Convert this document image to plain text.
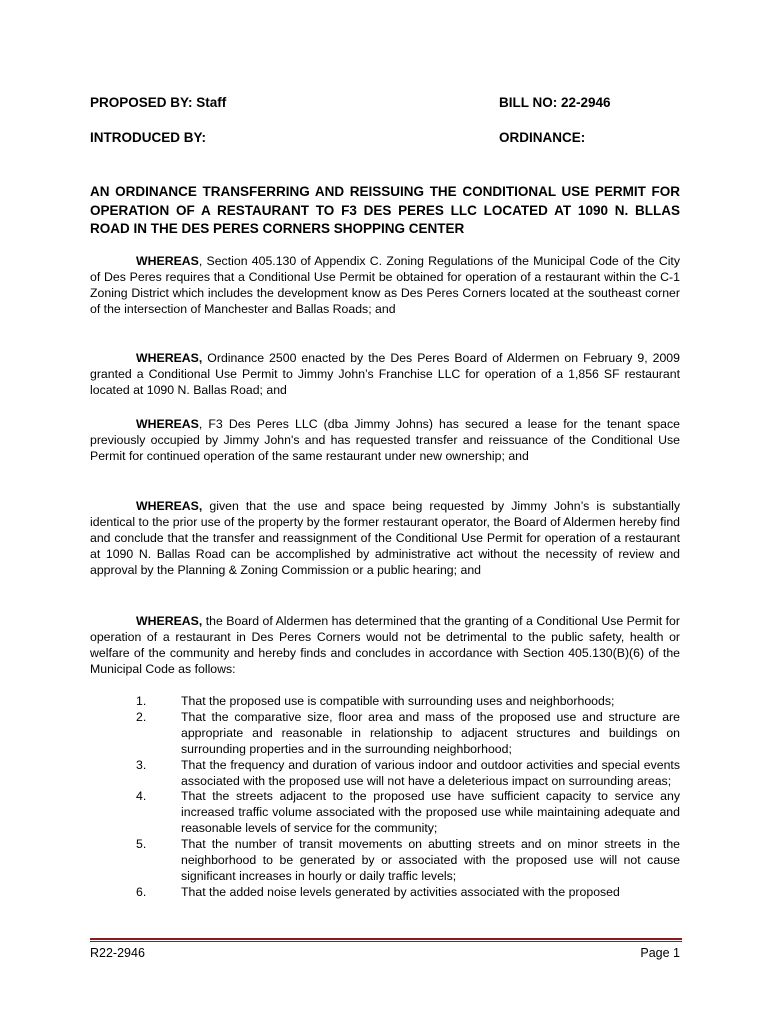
PROPOSED BY: Staff	BILL NO: 22-2946
INTRODUCED BY:	ORDINANCE:
AN ORDINANCE TRANSFERRING AND REISSUING THE CONDITIONAL USE PERMIT FOR OPERATION OF A RESTAURANT TO F3 DES PERES LLC LOCATED AT 1090 N. BLLAS ROAD IN THE DES PERES CORNERS SHOPPING CENTER
WHEREAS, Section 405.130 of Appendix C. Zoning Regulations of the Municipal Code of the City of Des Peres requires that a Conditional Use Permit be obtained for operation of a restaurant within the C-1 Zoning District which includes the development know as Des Peres Corners located at the southeast corner of the intersection of Manchester and Ballas Roads; and
WHEREAS, Ordinance 2500 enacted by the Des Peres Board of Aldermen on February 9, 2009 granted a Conditional Use Permit to Jimmy John’s Franchise LLC for operation of a 1,856 SF restaurant located at 1090 N. Ballas Road; and
WHEREAS, F3 Des Peres LLC (dba Jimmy Johns) has secured a lease for the tenant space previously occupied by Jimmy John's and has requested transfer and reissuance of the Conditional Use Permit for continued operation of the same restaurant under new ownership; and
WHEREAS, given that the use and space being requested by Jimmy John’s is substantially identical to the prior use of the property by the former restaurant operator, the Board of Aldermen hereby find and conclude that the transfer and reassignment of the Conditional Use Permit for operation of a restaurant at 1090 N. Ballas Road can be accomplished by administrative act without the necessity of review and approval by the Planning & Zoning Commission or a public hearing; and
WHEREAS, the Board of Aldermen has determined that the granting of a Conditional Use Permit for operation of a restaurant in Des Peres Corners would not be detrimental to the public safety, health or welfare of the community and hereby finds and concludes in accordance with Section 405.130(B)(6) of the Municipal Code as follows:
1.	That the proposed use is compatible with surrounding uses and neighborhoods;
2.	That the comparative size, floor area and mass of the proposed use and structure are appropriate and reasonable in relationship to adjacent structures and buildings on surrounding properties and in the surrounding neighborhood;
3.	That the frequency and duration of various indoor and outdoor activities and special events associated with the proposed use will not have a deleterious impact on surrounding areas;
4.	That the streets adjacent to the proposed use have sufficient capacity to service any increased traffic volume associated with the proposed use while maintaining adequate and reasonable levels of service for the community;
5.	That the number of transit movements on abutting streets and on minor streets in the neighborhood to be generated by or associated with the proposed use will not cause significant increases in hourly or daily traffic levels;
6.	That the added noise levels generated by activities associated with the proposed
R22-2946	Page 1
